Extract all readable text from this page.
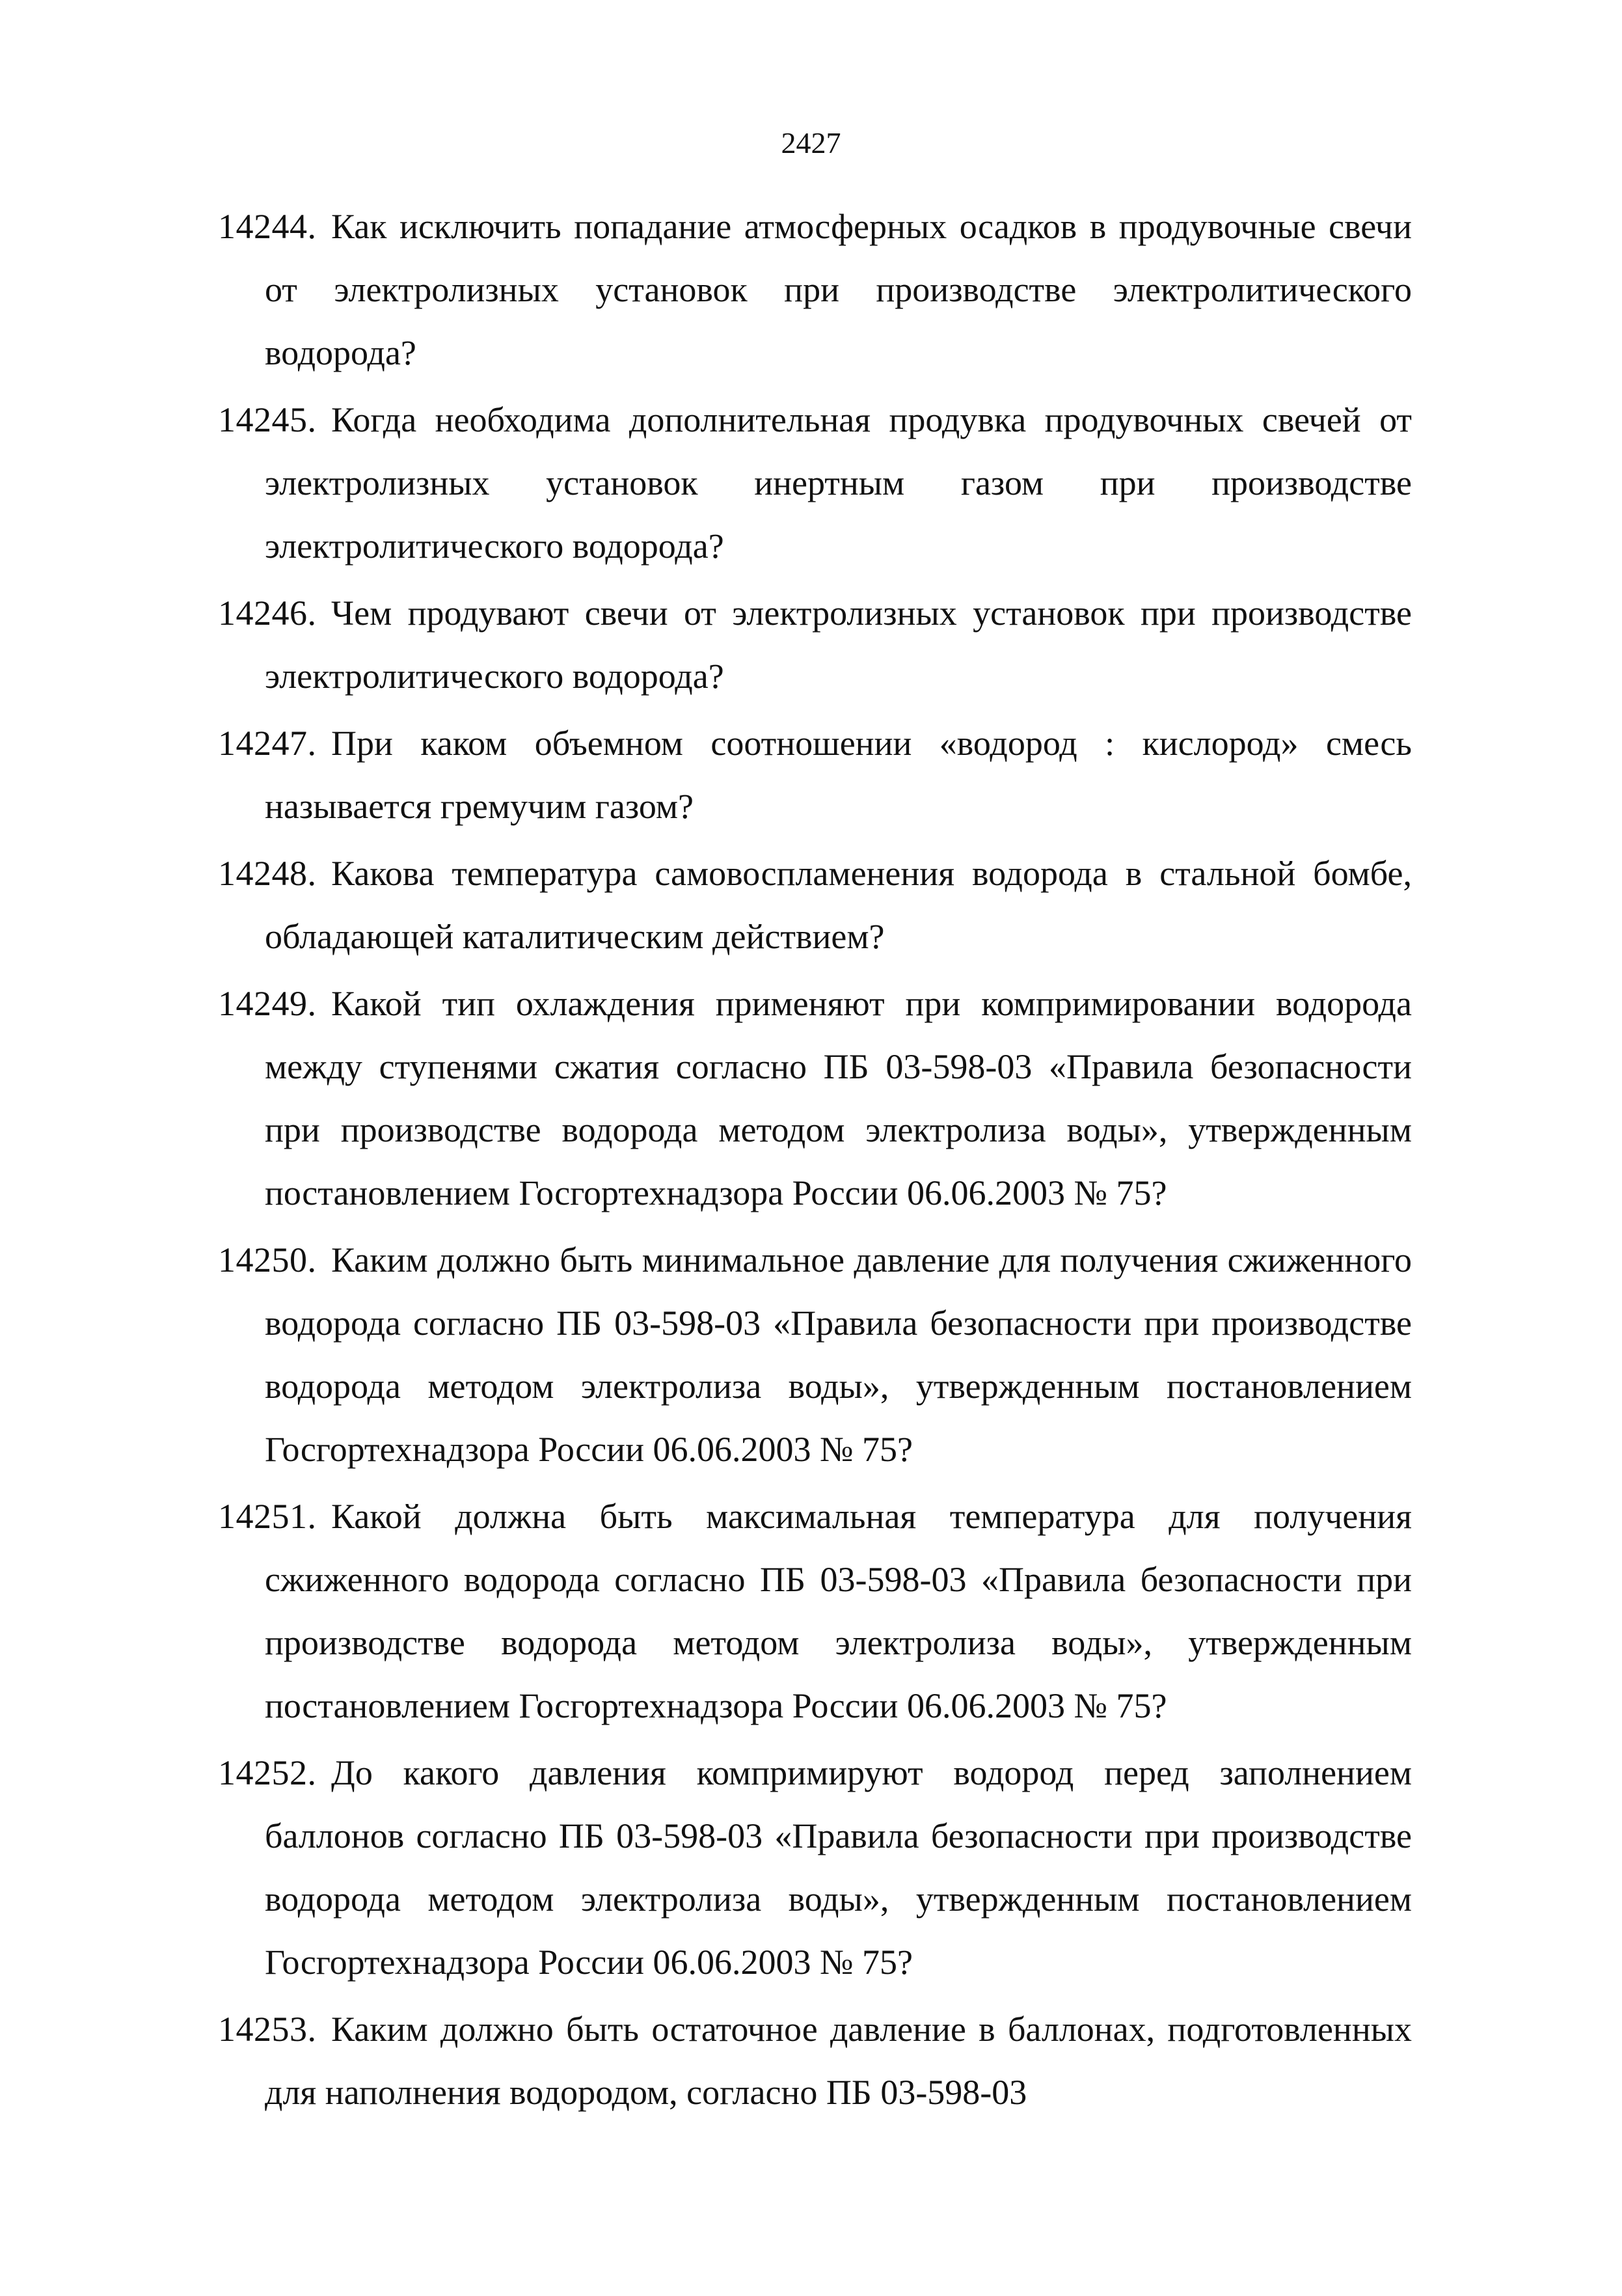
2427
14244. Как исключить попадание атмосферных осадков в продувочные свечи от электролизных установок при производстве электролитического водорода?
14245. Когда необходима дополнительная продувка продувочных свечей от электролизных установок инертным газом при производстве электролитического водорода?
14246. Чем продувают свечи от электролизных установок при производстве электролитического водорода?
14247. При каком объемном соотношении «водород : кислород» смесь называется гремучим газом?
14248. Какова температура самовоспламенения водорода в стальной бомбе, обладающей каталитическим действием?
14249. Какой тип охлаждения применяют при компримировании водорода между ступенями сжатия согласно ПБ 03-598-03 «Правила безопасности при производстве водорода методом электролиза воды», утвержденным постановлением Госгортехнадзора России 06.06.2003 № 75?
14250. Каким должно быть минимальное давление для получения сжиженного водорода согласно ПБ 03-598-03 «Правила безопасности при производстве водорода методом электролиза воды», утвержденным постановлением Госгортехнадзора России 06.06.2003 № 75?
14251. Какой должна быть максимальная температура для получения сжиженного водорода согласно ПБ 03-598-03 «Правила безопасности при производстве водорода методом электролиза воды», утвержденным постановлением Госгортехнадзора России 06.06.2003 № 75?
14252. До какого давления компримируют водород перед заполнением баллонов согласно ПБ 03-598-03 «Правила безопасности при производстве водорода методом электролиза воды», утвержденным постановлением Госгортехнадзора России 06.06.2003 № 75?
14253. Каким должно быть остаточное давление в баллонах, подготовленных для наполнения водородом, согласно ПБ 03-598-03
